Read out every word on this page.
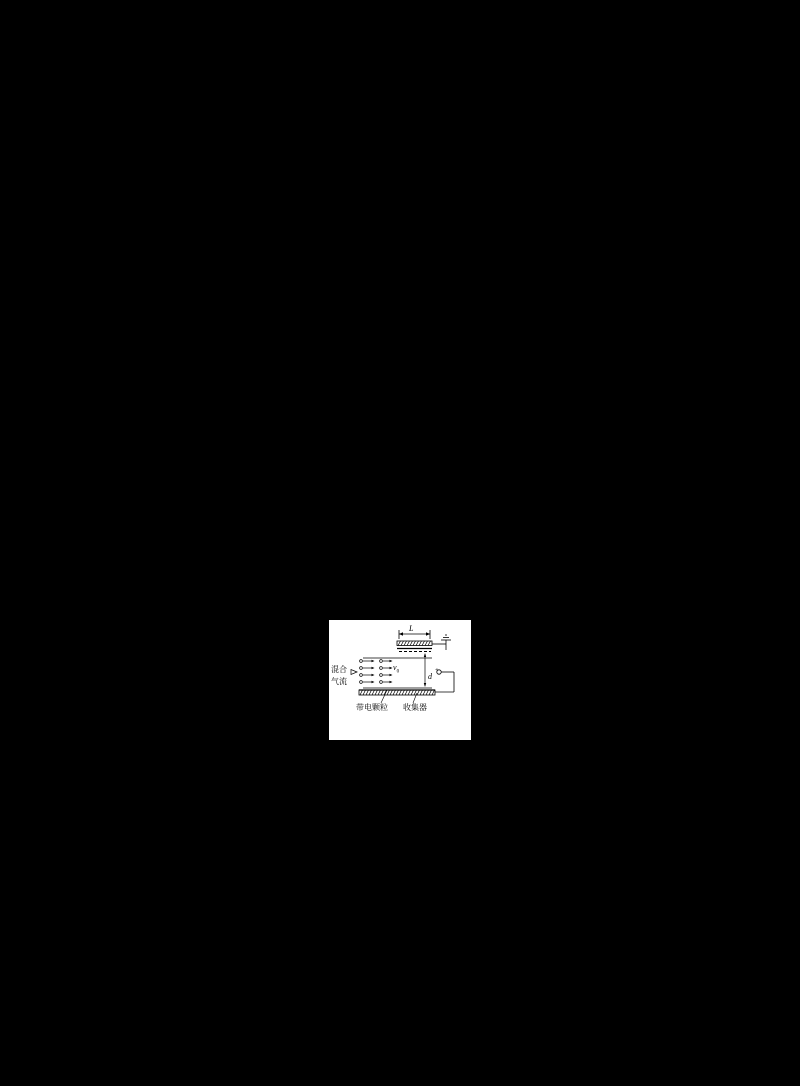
混合
气流
$v_0$
L
d
带电颗粒 收集器
+
